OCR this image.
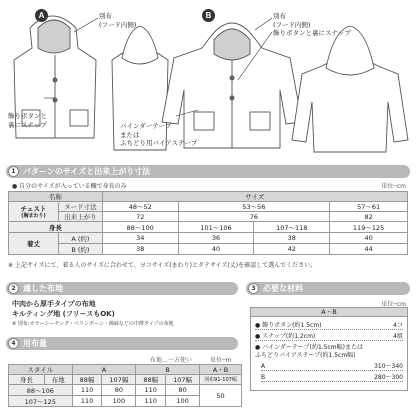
A	B
別布
(フード内側)
飾りボタンと
裏にスナップ
別布
(フード内側)
飾りボタンと裏にスナップ
バインダーテープ
または
ふちどり用バイアステープ
1 パターンのサイズと出来上がり寸法
● 自分のサイズが入っている欄で身長のみ	単位─cm
名称		サイズ			
チェスト
(胸まわり)	ヌード寸法	48〜52	53〜56		57〜61
	出来上がり	72	76		82
身長		88〜100	101〜106	107〜118	119〜125
着丈	A (約)	34	36	38	40
	B (約)	38	40	42	44
※ 上記サイズにて、着る人のサイズに合わせて、ヨコサイズ(まわり)とタテサイズ(丈)を確認して選んでください。
2 適した布地
中肉から厚手タイプの布地
キルティング地 (フリースもOK)
※ 別布:カラーシーチング・ペリンボーン・綿麻などの中薄タイプの布地
3 必要な材料
単位─cm
A・B
● 飾りボタン(約1.5cm)	4コ
● スナップ(約1.2cm)	4組
● バインダーテープ(約1.5cm幅)または
ふちどりバイアステープ(約1.5cm幅)
A	310〜340
B	280〜300
4 用布量
布地…一方使い	単位─m
スタイル		A		B		A・B
身長	布地	88幅	107幅	88幅	107幅	別布91-107幅
88〜106		110	80	110	80	50
107〜125		110	100	110	100	
